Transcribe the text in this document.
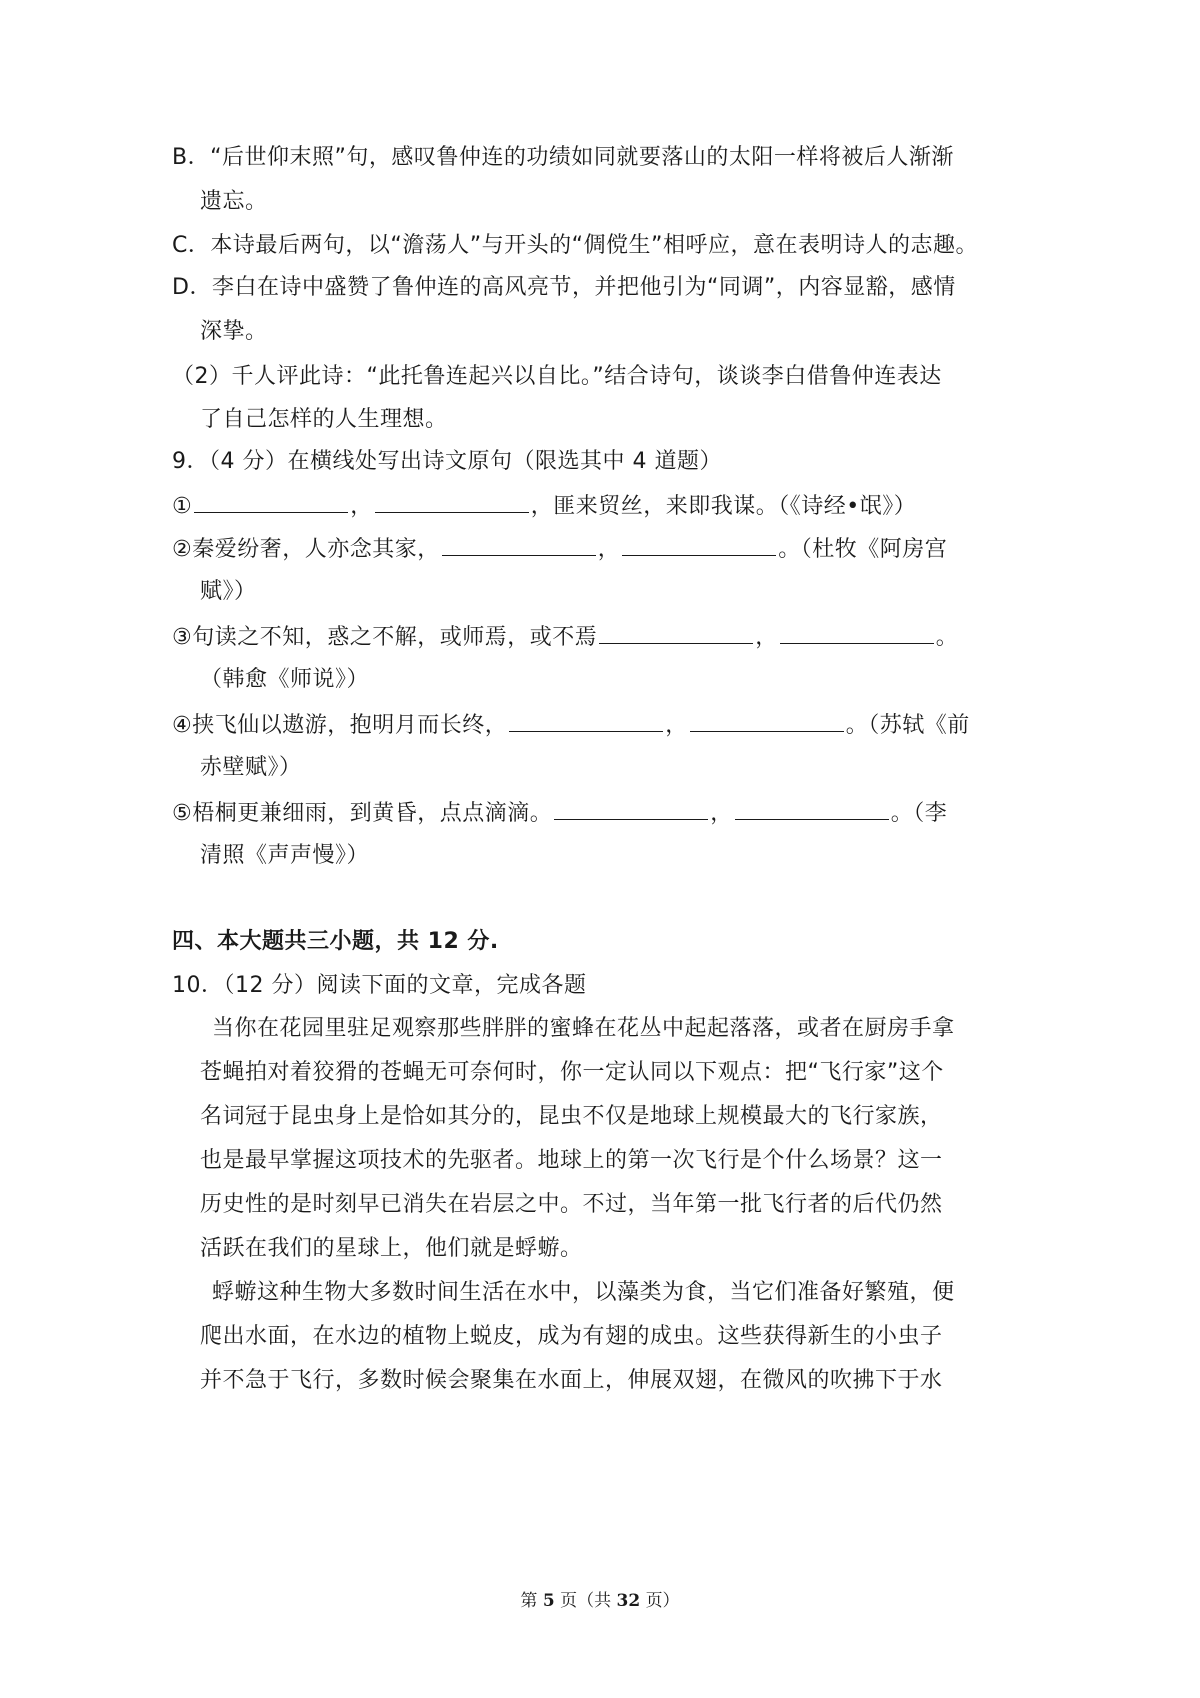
B．“后世仰末照”句，感叹鲁仲连的功绩如同就要落山的太阳一样将被后人渐渐
遗忘。
C．本诗最后两句，以“澹荡人”与开头的“倜傥生”相呼应，意在表明诗人的志趣。
D．李白在诗中盛赞了鲁仲连的高风亮节，并把他引为“同调”，内容显豁，感情
深挚。
（2）千人评此诗：“此托鲁连起兴以自比。”结合诗句，谈谈李白借鲁仲连表达
了自己怎样的人生理想。
9．（4 分）在横线处写出诗文原句（限选其中 4 道题）
①	，	，匪来贸丝，来即我谋。（《诗经•氓》）
②秦爱纷奢，人亦念其家，	，	。（杜牧《阿房宫
赋》）
③句读之不知，惑之不解，或师焉，或不焉	，	。
（韩愈《师说》）
④挟飞仙以遨游，抱明月而长终，	，	。（苏轼《前
赤壁赋》）
⑤梧桐更兼细雨，到黄昏，点点滴滴。	，	。（李
清照《声声慢》）
四、本大题共三小题，共 12 分.
10．（12 分）阅读下面的文章，完成各题
当你在花园里驻足观察那些胖胖的蜜蜂在花丛中起起落落，或者在厨房手拿
苍蝇拍对着狡猾的苍蝇无可奈何时，你一定认同以下观点：把“飞行家”这个
名词冠于昆虫身上是恰如其分的，昆虫不仅是地球上规模最大的飞行家族，
也是最早掌握这项技术的先驱者。地球上的第一次飞行是个什么场景？这一
历史性的是时刻早已消失在岩层之中。不过，当年第一批飞行者的后代仍然
活跃在我们的星球上，他们就是蜉蝣。
蜉蝣这种生物大多数时间生活在水中，以藻类为食，当它们准备好繁殖，便
爬出水面，在水边的植物上蜕皮，成为有翅的成虫。这些获得新生的小虫子
并不急于飞行，多数时候会聚集在水面上，伸展双翅，在微风的吹拂下于水
第 5 页（共 32 页）
